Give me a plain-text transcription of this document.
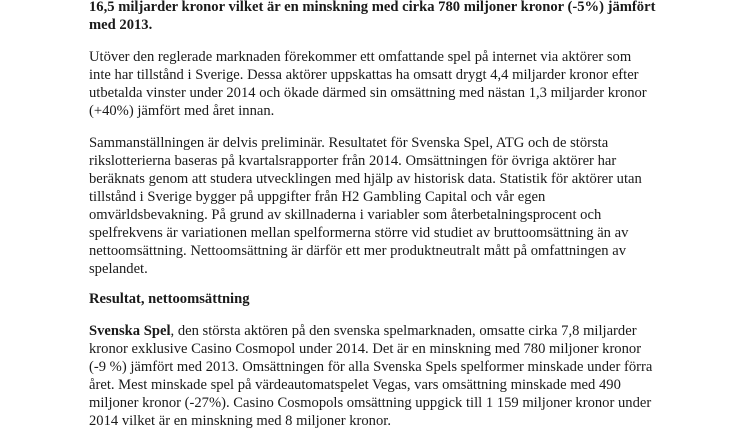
16,5 miljarder kronor vilket är en minskning med cirka 780 miljoner kronor (-5%) jämfört
med 2013.

Utöver den reglerade marknaden förekommer ett omfattande spel på internet via aktörer som
inte har tillstånd i Sverige. Dessa aktörer uppskattas ha omsatt drygt 4,4 miljarder kronor efter
utbetalda vinster under 2014 och ökade därmed sin omsättning med nästan 1,3 miljarder kronor
(+40%) jämfört med året innan.

Sammanställningen är delvis preliminär. Resultatet för Svenska Spel, ATG och de största
rikslotterierna baseras på kvartalsrapporter från 2014. Omsättningen för övriga aktörer har
beräknats genom att studera utvecklingen med hjälp av historisk data. Statistik för aktörer utan
tillstånd i Sverige bygger på uppgifter från H2 Gambling Capital och vår egen
omvärldsbevakning. På grund av skillnaderna i variabler som återbetalningsprocent och
spelfrekvens är variationen mellan spelformerna större vid studiet av bruttoomsättning än av
nettoomsättning. Nettoomsättning är därför ett mer produktneutralt mått på omfattningen av
spelandet.

Resultat, nettoomsättning

Svenska Spel, den största aktören på den svenska spelmarknaden, omsatte cirka 7,8 miljarder
kronor exklusive Casino Cosmopol under 2014. Det är en minskning med 780 miljoner kronor
(-9 %) jämfört med 2013. Omsättningen för alla Svenska Spels spelformer minskade under förra
året. Mest minskade spel på värdeautomatspelet Vegas, vars omsättning minskade med 490
miljoner kronor (-27%). Casino Cosmopols omsättning uppgick till 1 159 miljoner kronor under
2014 vilket är en minskning med 8 miljoner kronor.
